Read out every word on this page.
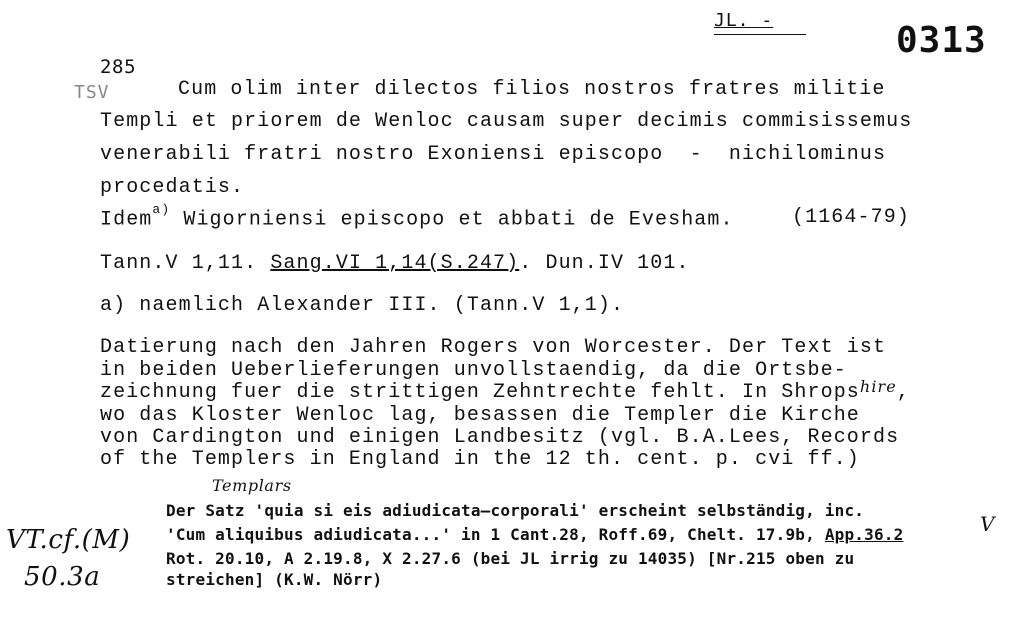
JL. -	0313
285
TSV	Cum olim inter dilectos filios nostros fratres militie
Templi et priorem de Wenloc causam super decimis commisissemus
venerabili fratri nostro Exoniensi episcopo  -  nichilominus
procedatis.
Idem$^{a)}$ Wigorniensi episcopo et abbati de Evesham.	(1164-79)
Tann.V 1,11. Sang.VI 1,14(S.247). Dun.IV 101.
a) naemlich Alexander III. (Tann.V 1,1).
Datierung nach den Jahren Rogers von Worcester. Der Text ist
in beiden Ueberlieferungen unvollstaendig, da die Ortsbe-
zeichnung fuer die strittigen Zehntrechte fehlt. In Shrops$^{hire}$,
wo das Kloster Wenloc lag, besassen die Templer die Kirche
von Cardington und einigen Landbesitz (vgl. B.A.Lees, Records
of the Templers in England in the 12 th. cent. p. cvi ff.)
Templars
Der Satz 'quia si eis adiudicata—corporali' erscheint selbständig, inc.
'Cum aliquibus adiudicata...' in 1 Cant.28, Roff.69, Chelt. 17.9b, App.36.2	V
Rot. 20.10, A 2.19.8, X 2.27.6 (bei JL irrig zu 14035) [Nr.215 oben zu
streichen] (K.W. Nörr)
VT.cf.(M)
50.3a
